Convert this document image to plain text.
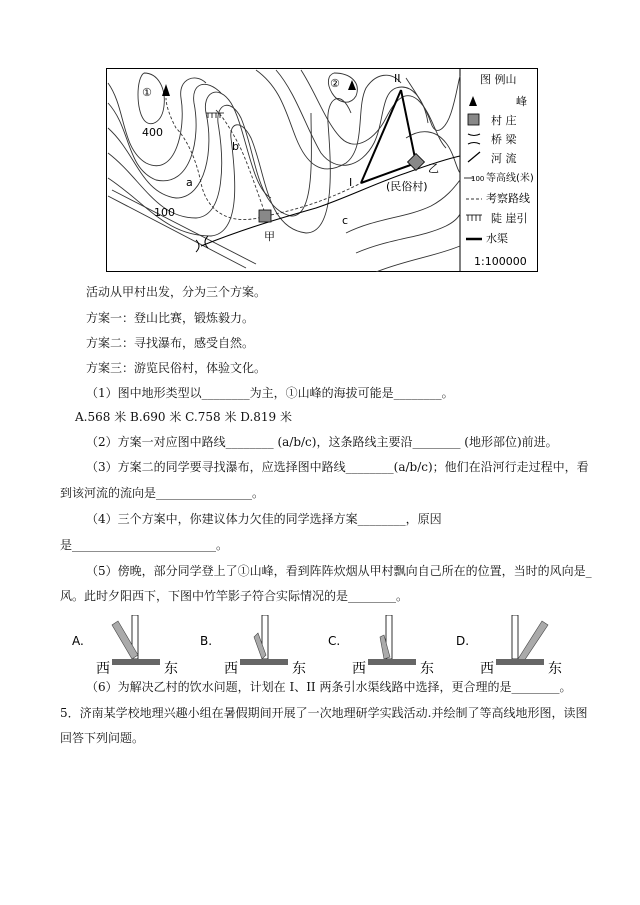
①
②
400
100
a
b
c
甲
乙
(民俗村)
I
II	图 例山
峰
村 庄
桥 梁
河 流
100 等高线(米)
考察路线
陡 崖引
水渠
1:100000
活动从甲村出发，分为三个方案。
方案一：登山比赛，锻炼毅力。
方案二：寻找瀑布，感受自然。
方案三：游览民俗村，体验文化。
（1）图中地形类型以________为主，①山峰的海拔可能是________。
A.568 米 B.690 米 C.758 米 D.819 米
（2）方案一对应图中路线________ (a/b/c)，这条路线主要沿________ (地形部位)前进。
（3）方案二的同学要寻找瀑布，应选择图中路线________(a/b/c)；他们在沿河行走过程中，看
到该河流的流向是________________。
（4）三个方案中，你建议体力欠佳的同学选择方案________，原因
是________________________。
（5）傍晚，部分同学登上了①山峰，看到阵阵炊烟从甲村飘向自己所在的位置，当时的风向是_
风。此时夕阳西下，下图中竹竿影子符合实际情况的是________。
A.
西	东
B.
西	东
C.
西	东
D.
西	东
（6）为解决乙村的饮水问题，计划在 I、II 两条引水渠线路中选择，更合理的是________。
5．济南某学校地理兴趣小组在暑假期间开展了一次地理研学实践活动.并绘制了等高线地形图，读图
回答下列问题。
